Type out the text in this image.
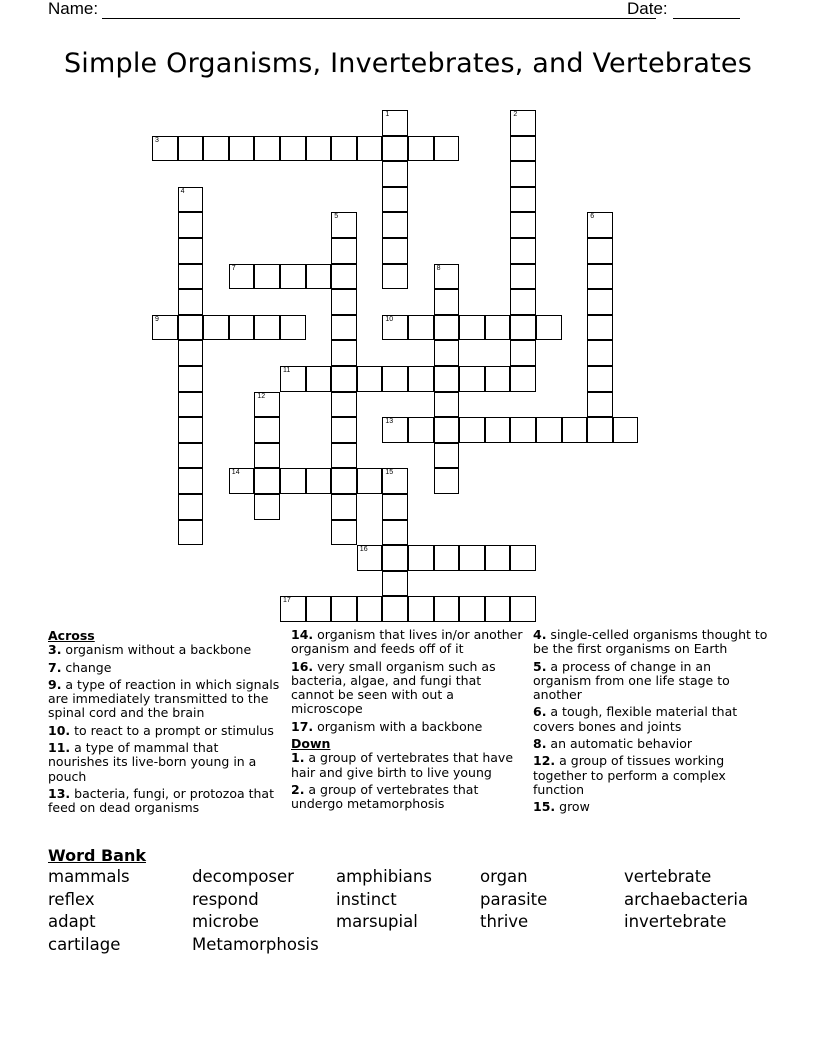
Name:	Date:
Simple Organisms, Invertebrates, and Vertebrates
1	2
3
4
5	6
7	8
9	10
11
12
13
14	15
16
17
Across
3. organism without a backbone
7. change
9. a type of reaction in which signals are immediately transmitted to the spinal cord and the brain
10. to react to a prompt or stimulus
11. a type of mammal that nourishes its live-born young in a pouch
13. bacteria, fungi, or protozoa that feed on dead organisms
14. organism that lives in/or another organism and feeds off of it
16. very small organism such as bacteria, algae, and fungi that cannot be seen with out a microscope
17. organism with a backbone
Down
1. a group of vertebrates that have hair and give birth to live young
2. a group of vertebrates that undergo metamorphosis
4. single-celled organisms thought to be the first organisms on Earth
5. a process of change in an organism from one life stage to another
6. a tough, flexible material that covers bones and joints
8. an automatic behavior
12. a group of tissues working together to perform a complex function
15. grow
Word Bank
mammals	decomposer	amphibians	organ	vertebrate
reflex	respond	instinct	parasite	archaebacteria
adapt	microbe	marsupial	thrive	invertebrate
cartilage	Metamorphosis
